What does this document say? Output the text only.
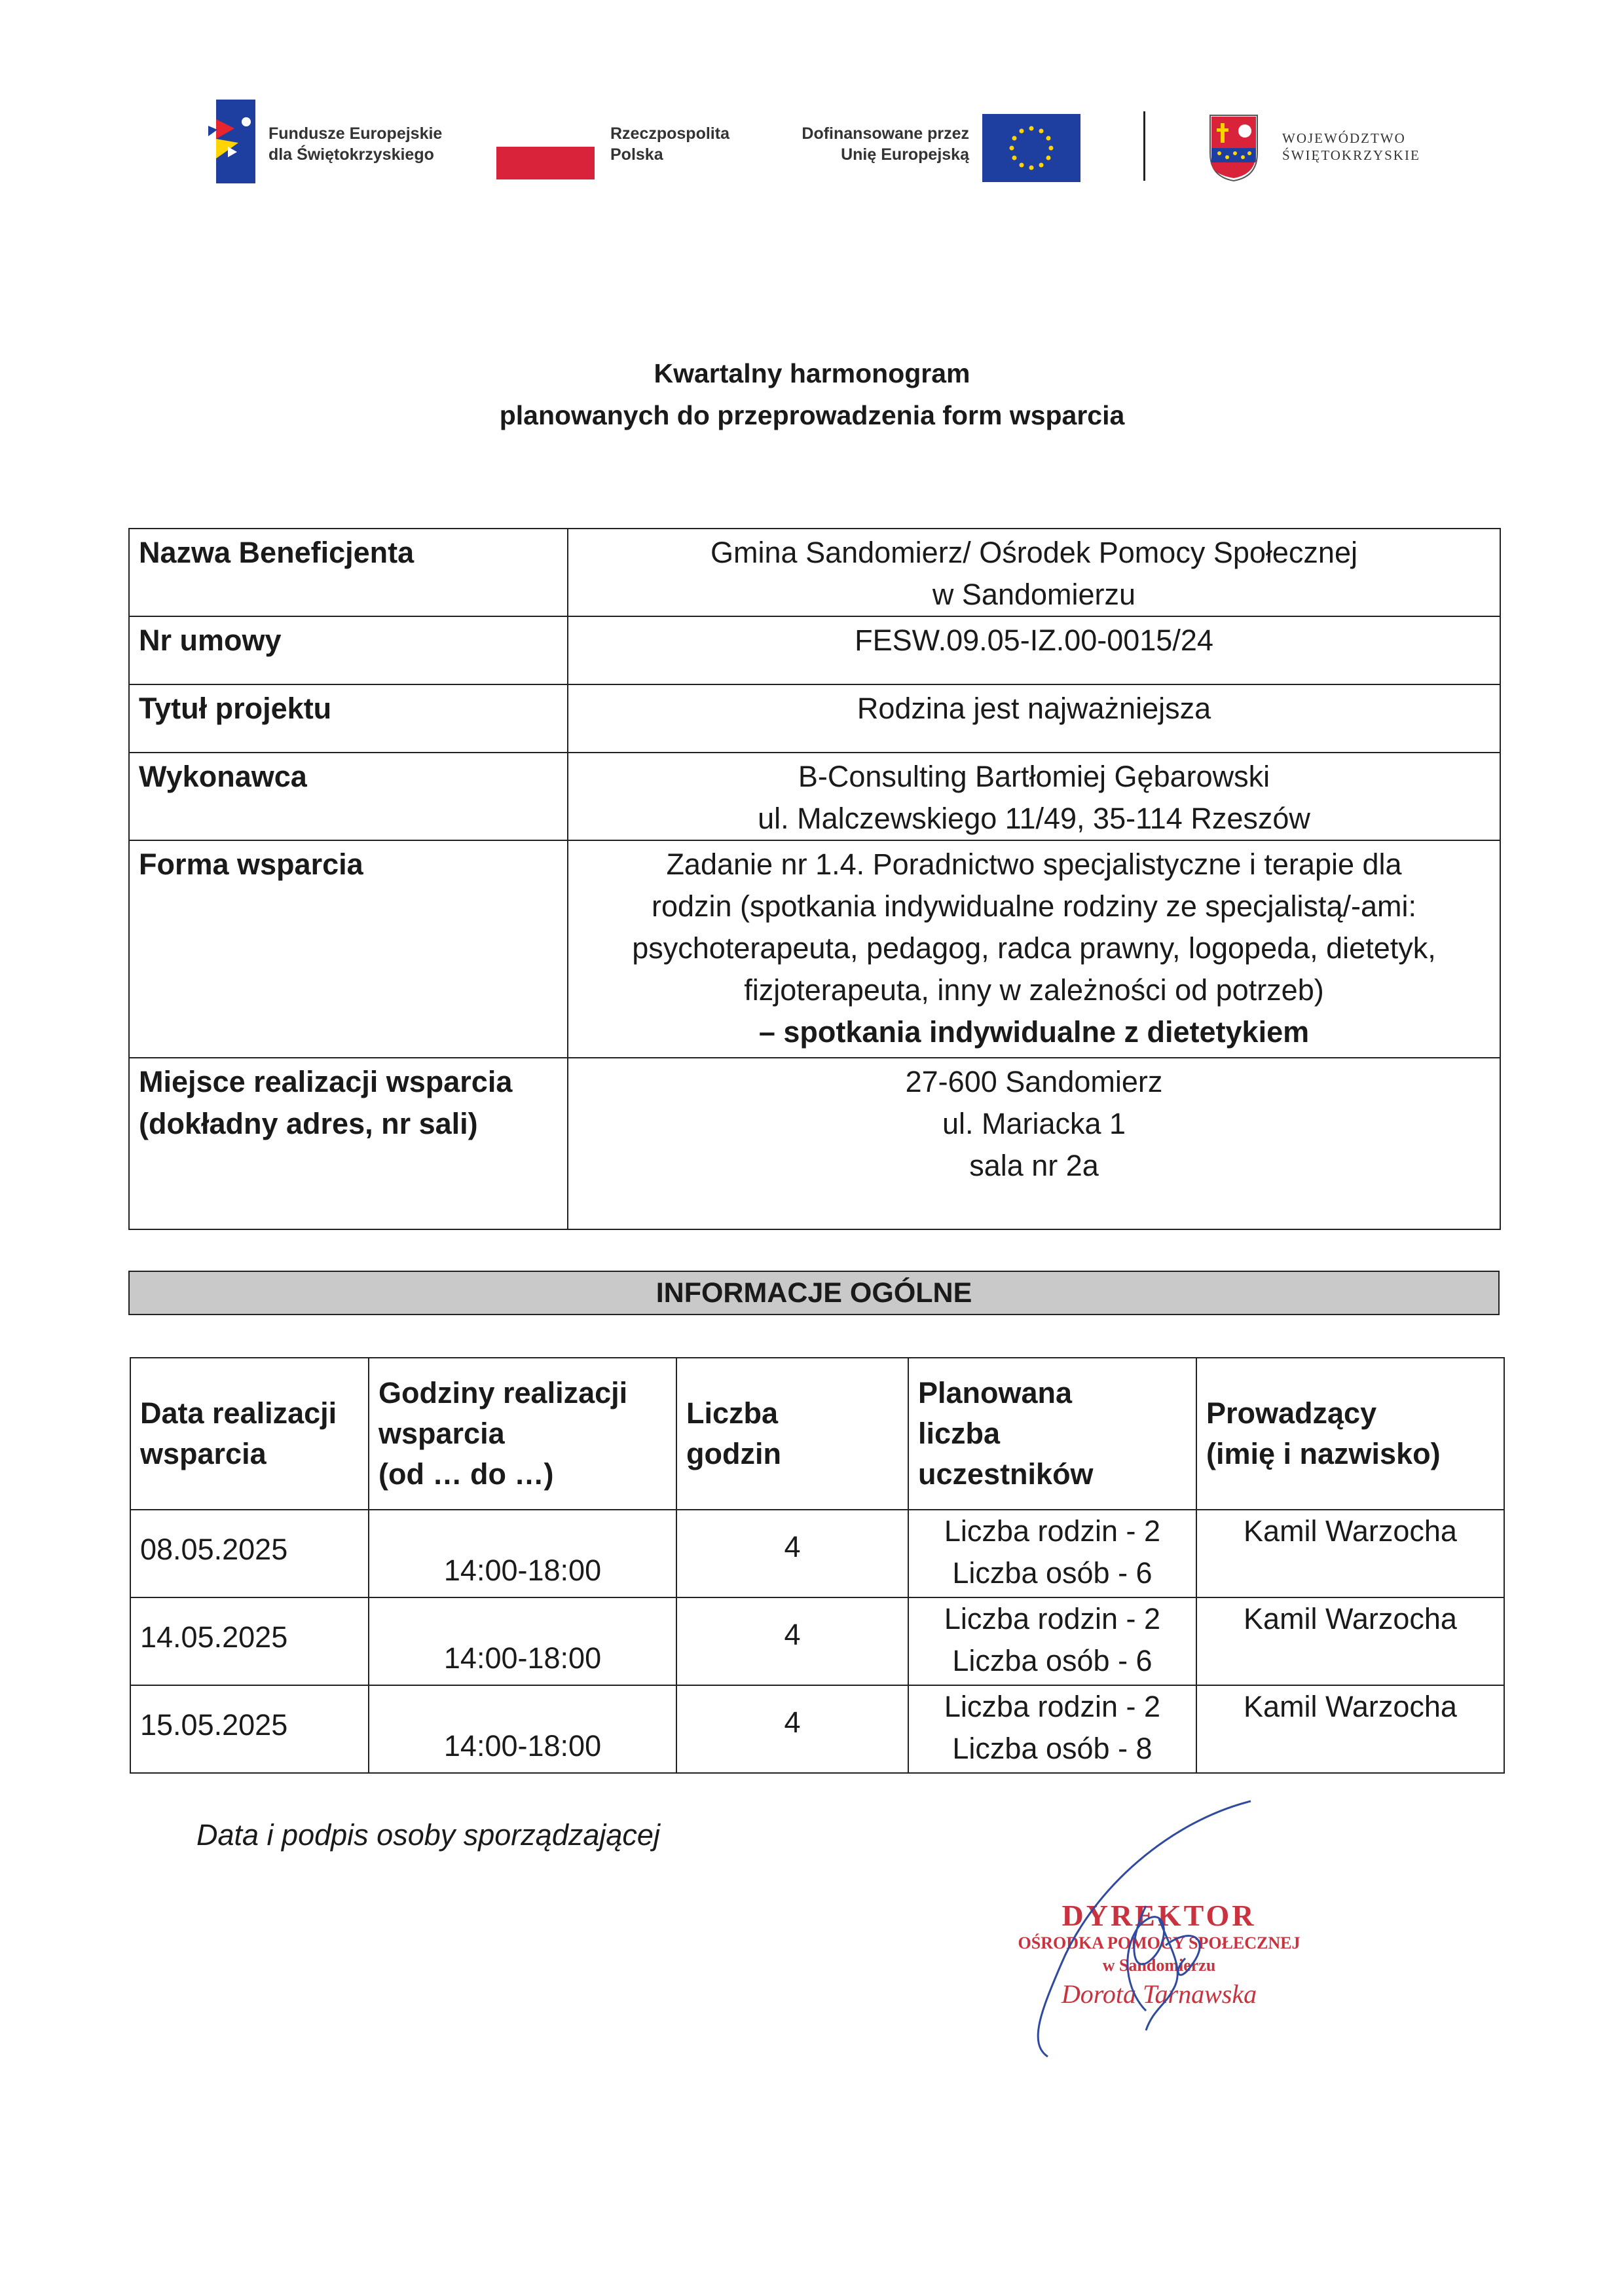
Fundusze Europejskie
dla Świętokrzyskiego
Rzeczpospolita
Polska
Dofinansowane przez
Unię Europejską
WOJEWÓDZTWO
ŚWIĘTOKRZYSKIE
Kwartalny harmonogram
planowanych do przeprowadzenia form wsparcia
Nazwa Beneficjenta	Gmina Sandomierz/ Ośrodek Pomocy Społecznej
w Sandomierzu

Nr umowy	FESW.09.05-IZ.00-0015/24
Tytuł projektu	Rodzina jest najważniejsza
Wykonawca	B-Consulting Bartłomiej Gębarowski
ul. Malczewskiego 11/49, 35-114 Rzeszów

Forma wsparcia	Zadanie nr 1.4. Poradnictwo specjalistyczne i terapie dla
rodzin (spotkania indywidualne rodziny ze specjalistą/-ami:
psychoterapeuta, pedagog, radca prawny, logopeda, dietetyk,
fizjoterapeuta, inny w zależności od potrzeb)
– spotkania indywidualne z dietetykiem

Miejsce realizacji wsparcia
(dokładny adres, nr sali)	27-600 Sandomierz
ul. Mariacka 1
sala nr 2a
INFORMACJE OGÓLNE
Data realizacji
wsparcia	Godziny realizacji
wsparcia
(od … do …)	Liczba
godzin	Planowana
liczba
uczestników	Prowadzący
(imię i nazwisko)

08.05.2025	14:00-18:00	4	Liczba rodzin - 2
Liczba osób - 6	Kamil Warzocha
14.05.2025	14:00-18:00	4	Liczba rodzin - 2
Liczba osób - 6	Kamil Warzocha
15.05.2025	14:00-18:00	4	Liczba rodzin - 2
Liczba osób - 8	Kamil Warzocha
Data i podpis osoby sporządzającej
DYREKTOR
OŚRODKA POMOCY SPOŁECZNEJ
w Sandomierzu
Dorota Tarnawska
